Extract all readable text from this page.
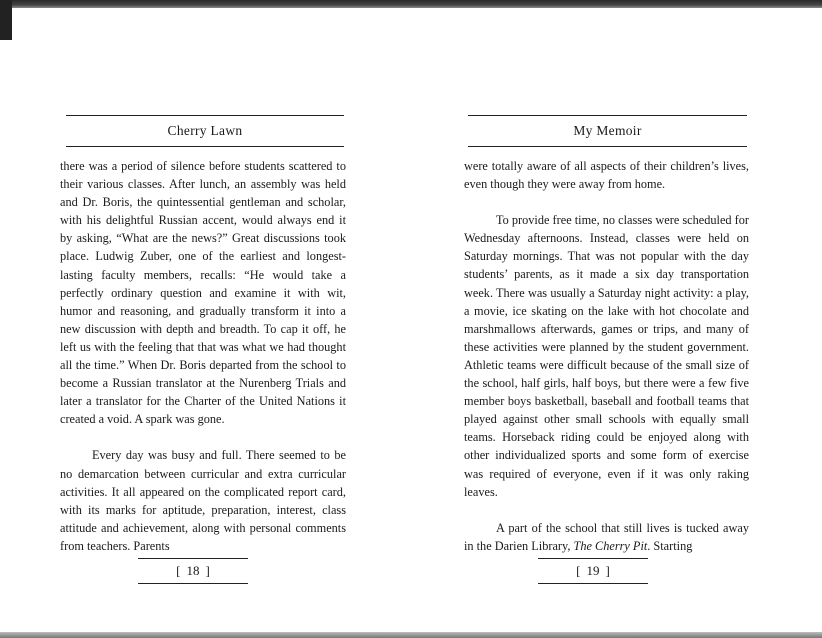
Cherry Lawn

there was a period of silence before students scattered to their various classes. After lunch, an assembly was held and Dr. Boris, the quintessential gentleman and scholar, with his delightful Russian accent, would always end it by asking, “What are the news?” Great discussions took place. Ludwig Zuber, one of the earliest and longest-lasting faculty members, recalls: “He would take a perfectly ordinary question and examine it with wit, humor and reasoning, and gradually transform it into a new discussion with depth and breadth. To cap it off, he left us with the feeling that that was what we had thought all the time.” When Dr. Boris departed from the school to become a Russian translator at the Nurenberg Trials and later a translator for the Charter of the United Nations it created a void. A spark was gone.

Every day was busy and full. There seemed to be no demarcation between curricular and extra curricular activities. It all appeared on the complicated report card, with its marks for aptitude, preparation, interest, class attitude and achievement, along with personal comments from teachers. Parents

[ 18 ]
My Memoir

were totally aware of all aspects of their children’s lives, even though they were away from home.

To provide free time, no classes were scheduled for Wednesday afternoons. Instead, classes were held on Saturday mornings. That was not popular with the day students’ parents, as it made a six day transportation week. There was usually a Saturday night activity: a play, a movie, ice skating on the lake with hot chocolate and marshmallows afterwards, games or trips, and many of these activities were planned by the student government. Athletic teams were difficult because of the small size of the school, half girls, half boys, but there were a few five member boys basketball, baseball and football teams that played against other small schools with equally small teams. Horseback riding could be enjoyed along with other individualized sports and some form of exercise was required of everyone, even if it was only raking leaves.

A part of the school that still lives is tucked away in the Darien Library, The Cherry Pit. Starting

[ 19 ]
